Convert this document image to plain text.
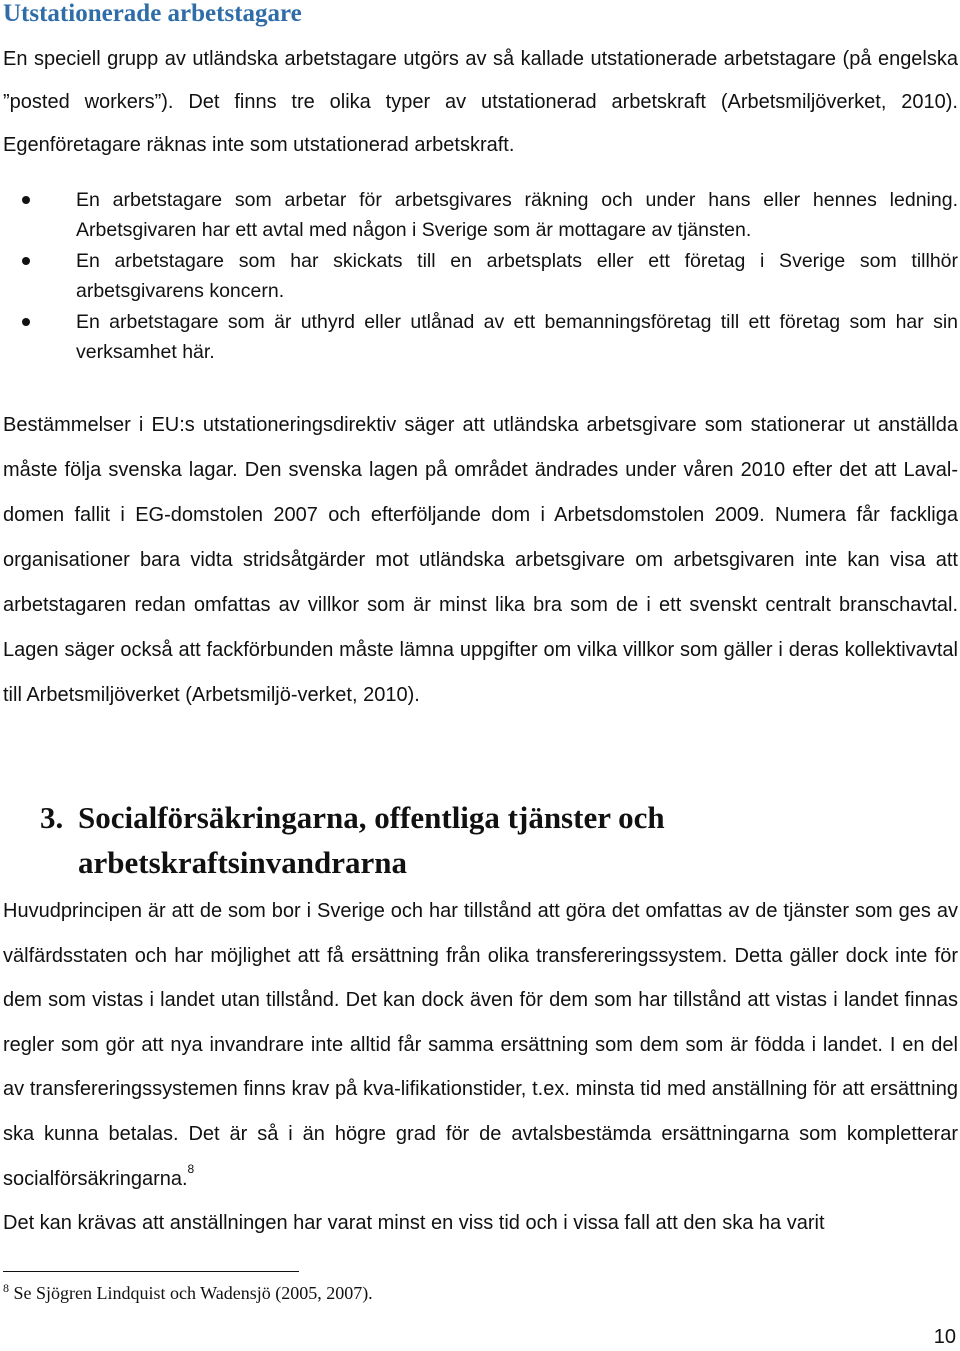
Utstationerade arbetstagare

En speciell grupp av utländska arbetstagare utgörs av så kallade utstationerade arbetstagare (på engelska ”posted workers”). Det finns tre olika typer av utstationerad arbetskraft (Arbetsmiljöverket, 2010). Egenföretagare räknas inte som utstationerad arbetskraft.

En arbetstagare som arbetar för arbetsgivares räkning och under hans eller hennes ledning. Arbetsgivaren har ett avtal med någon i Sverige som är mottagare av tjänsten.
En arbetstagare som har skickats till en arbetsplats eller ett företag i Sverige som tillhör arbetsgivarens koncern.
En arbetstagare som är uthyrd eller utlånad av ett bemanningsföretag till ett företag som har sin verksamhet här.

Bestämmelser i EU:s utstationeringsdirektiv säger att utländska arbetsgivare som stationerar ut anställda måste följa svenska lagar. Den svenska lagen på området ändrades under våren 2010 efter det att Laval-domen fallit i EG-domstolen 2007 och efterföljande dom i Arbetsdomstolen 2009. Numera får fackliga organisationer bara vidta stridsåtgärder mot utländska arbetsgivare om arbetsgivaren inte kan visa att arbetstagaren redan omfattas av villkor som är minst lika bra som de i ett svenskt centralt branschavtal. Lagen säger också att fackförbunden måste lämna uppgifter om vilka villkor som gäller i deras kollektivavtal till Arbetsmiljöverket (Arbetsmiljö-verket, 2010).

3. Socialförsäkringarna, offentliga tjänster och
arbetskraftsinvandrarna

Huvudprincipen är att de som bor i Sverige och har tillstånd att göra det omfattas av de tjänster som ges av välfärdsstaten och har möjlighet att få ersättning från olika transfereringssystem. Detta gäller dock inte för dem som vistas i landet utan tillstånd. Det kan dock även för dem som har tillstånd att vistas i landet finnas regler som gör att nya invandrare inte alltid får samma ersättning som dem som är födda i landet. I en del av transfereringssystemen finns krav på kva-lifikationstider, t.ex. minsta tid med anställning för att ersättning ska kunna betalas. Det är så i än högre grad för de avtalsbestämda ersättningarna som kompletterar socialförsäkringarna.$^8$
Det kan krävas att anställningen har varat minst en viss tid och i vissa fall att den ska ha varit

$^8$ Se Sjögren Lindquist och Wadensjö (2005, 2007).

10
